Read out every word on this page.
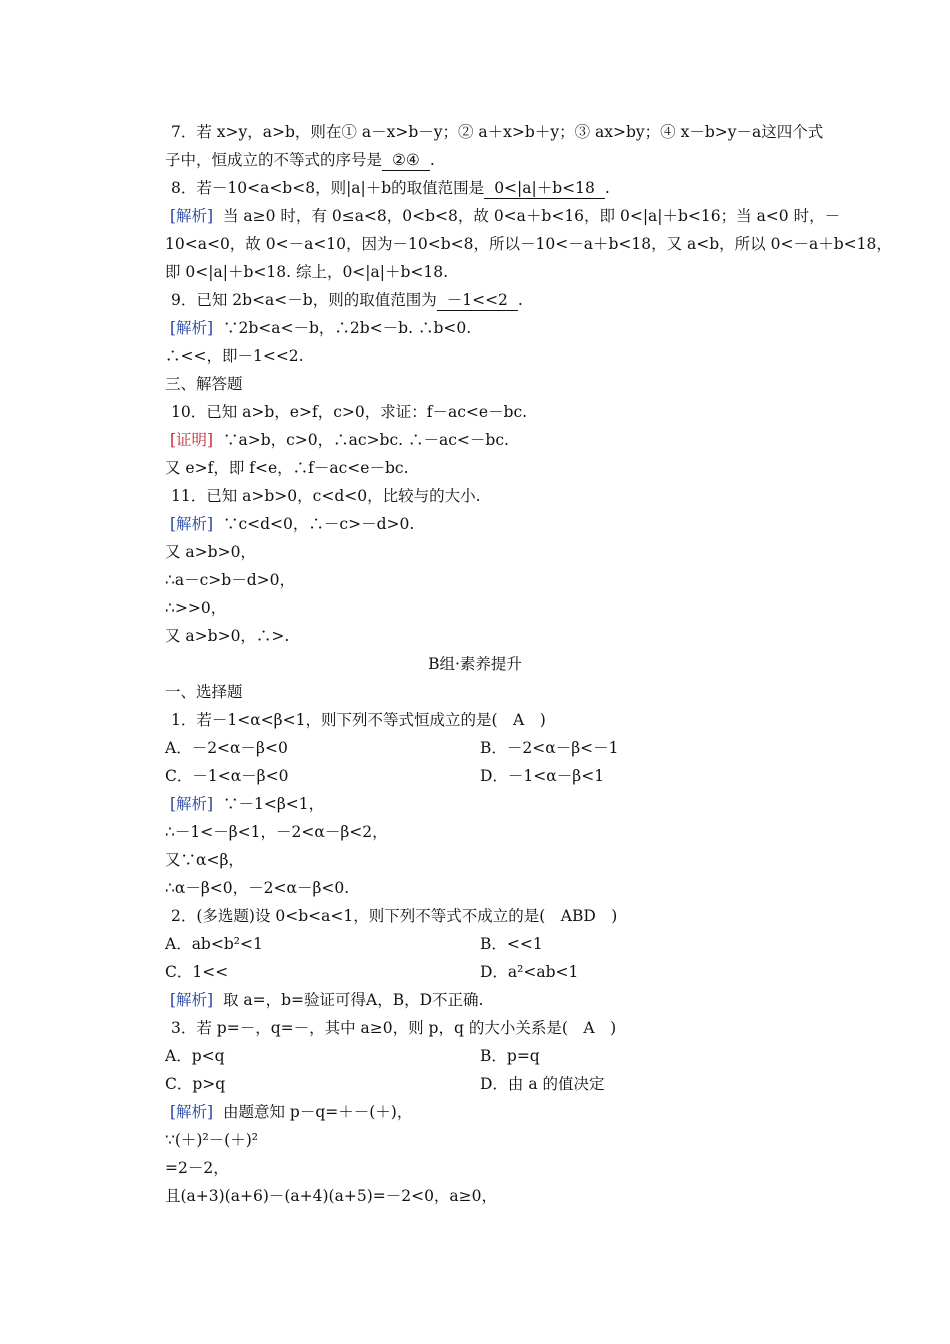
7．若 x>y，a>b，则在① a－x>b－y；② a＋x>b＋y；③ ax>by；④ x－b>y－a这四个式
子中，恒成立的不等式的序号是 ②④ .
8．若－10<a<b<8，则|a|＋b的取值范围是 0<|a|＋b<18 .
[解析] 当 a≥0 时，有 0≤a<8，0<b<8，故 0<a＋b<16，即 0<|a|＋b<16；当 a<0 时，－
10<a<0，故 0<－a<10，因为－10<b<8，所以－10<－a＋b<18，又 a<b，所以 0<－a＋b<18，
即 0<|a|＋b<18. 综上，0<|a|＋b<18.
9．已知 2b<a<－b，则的取值范围为 －1<<2 .
[解析] ∵2b<a<－b，∴2b<－b. ∴b<0.
∴<<，即－1<<2.
三、解答题
10．已知 a>b，e>f，c>0，求证：f－ac<e－bc.
[证明] ∵a>b，c>0，∴ac>bc. ∴－ac<－bc.
又 e>f，即 f<e，∴f－ac<e－bc.
11．已知 a>b>0，c<d<0，比较与的大小.
[解析] ∵c<d<0，∴－c>－d>0.
又 a>b>0，
∴a－c>b－d>0，
∴>>0，
又 a>b>0，∴>.
B组·素养提升
一、选择题
1．若－1<α<β<1，则下列不等式恒成立的是(　A　)
A．－2<α－β<0	B．－2<α－β<－1
C．－1<α－β<0	D．－1<α－β<1
[解析] ∵－1<β<1，
∴－1<－β<1，－2<α－β<2，
又∵α<β，
∴α－β<0，－2<α－β<0.
2．(多选题)设 0<b<a<1，则下列不等式不成立的是(　ABD　)
A．ab<b²<1	B．<<1
C．1<<	D．a²<ab<1
[解析] 取 a=，b=验证可得A，B，D不正确.
3．若 p=－，q=－，其中 a≥0，则 p，q 的大小关系是(　A　)
A．p<q	B．p=q
C．p>q	D．由 a 的值决定
[解析] 由题意知 p－q=＋－(＋)，
∵(＋)²－(＋)²
=2－2，
且(a+3)(a+6)－(a+4)(a+5)=－2<0，a≥0，
